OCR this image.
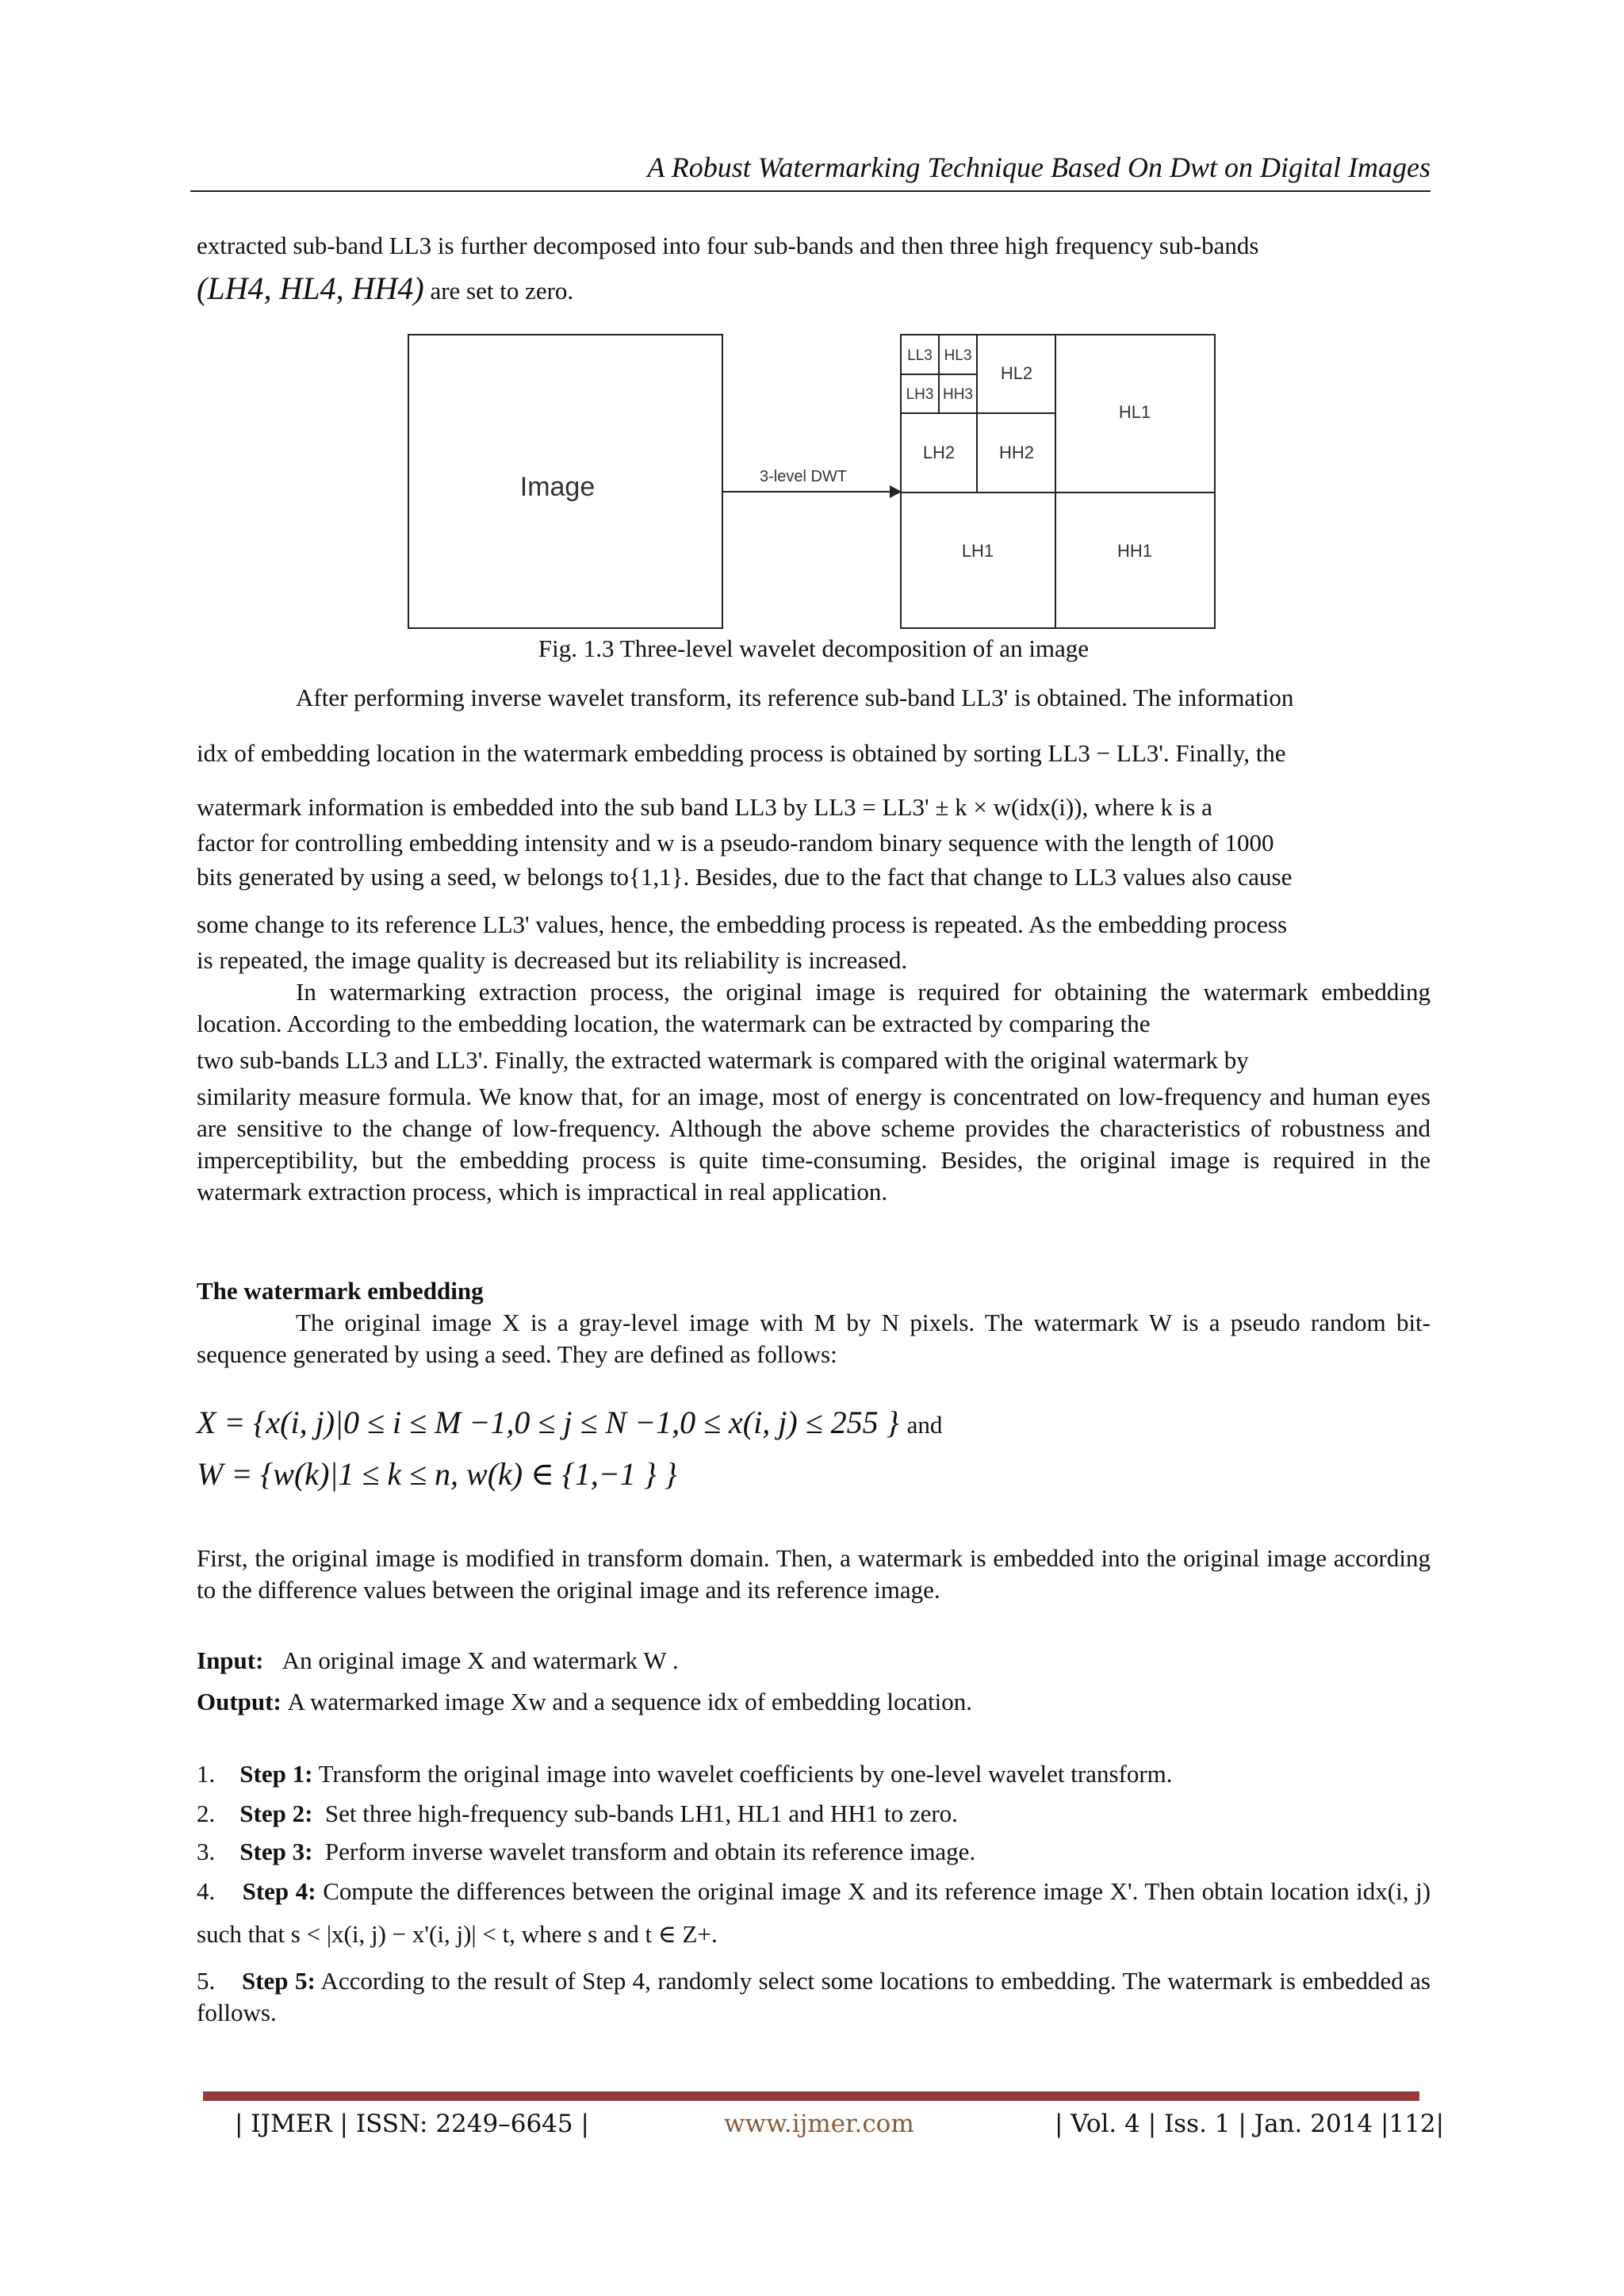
A Robust Watermarking Technique Based On Dwt on Digital Images

extracted sub-band LL3 is further decomposed into four sub-bands and then three high frequency sub-bands

(LH4, HL4, HH4) are set to zero.

Image	3-level DWT
LL3 HL3
LH3 HH3
HL2
LH2	HH2
HL1
LH1	HH1
Fig. 1.3 Three-level wavelet decomposition of an image

After performing inverse wavelet transform, its reference sub-band LL3' is obtained. The information

idx of embedding location in the watermark embedding process is obtained by sorting LL3 − LL3'. Finally, the

watermark information is embedded into the sub band LL3 by LL3 = LL3' ± k × w(idx(i)), where k is a

factor for controlling embedding intensity and w is a pseudo-random binary sequence with the length of 1000

bits generated by using a seed, w belongs to{1,1}. Besides, due to the fact that change to LL3 values also cause

some change to its reference LL3' values, hence, the embedding process is repeated. As the embedding process

is repeated, the image quality is decreased but its reliability is increased.

In watermarking extraction process, the original image is required for obtaining the watermark embedding location. According to the embedding location, the watermark can be extracted by comparing the

two sub-bands LL3 and LL3'. Finally, the extracted watermark is compared with the original watermark by

similarity measure formula. We know that, for an image, most of energy is concentrated on low-frequency and human eyes are sensitive to the change of low-frequency. Although the above scheme provides the characteristics of robustness and imperceptibility, but the embedding process is quite time-consuming. Besides, the original image is required in the watermark extraction process, which is impractical in real application.

The watermark embedding

The original image X is a gray-level image with M by N pixels. The watermark W is a pseudo random bit-sequence generated by using a seed. They are defined as follows:

X = {x(i, j)|0 ≤ i ≤ M −1,0 ≤ j ≤ N −1,0 ≤ x(i, j) ≤ 255 } and
W = {w(k)|1 ≤ k ≤ n, w(k) ∈ {1,−1 } }

First, the original image is modified in transform domain. Then, a watermark is embedded into the original image according to the difference values between the original image and its reference image.

Input: An original image X and watermark W .

Output: A watermarked image Xw and a sequence idx of embedding location.

1. Step 1: Transform the original image into wavelet coefficients by one-level wavelet transform.

2. Step 2: Set three high-frequency sub-bands LH1, HL1 and HH1 to zero.

3. Step 3: Perform inverse wavelet transform and obtain its reference image.

4. Step 4: Compute the differences between the original image X and its reference image X'. Then obtain location idx(i, j) such that s < |x(i, j) − x'(i, j)| < t, where s and t ∈ Z+.

5. Step 5: According to the result of Step 4, randomly select some locations to embedding. The watermark is embedded as follows.

| IJMER | ISSN: 2249–6645 |	www.ijmer.com	| Vol. 4 | Iss. 1 | Jan. 2014 |112|
